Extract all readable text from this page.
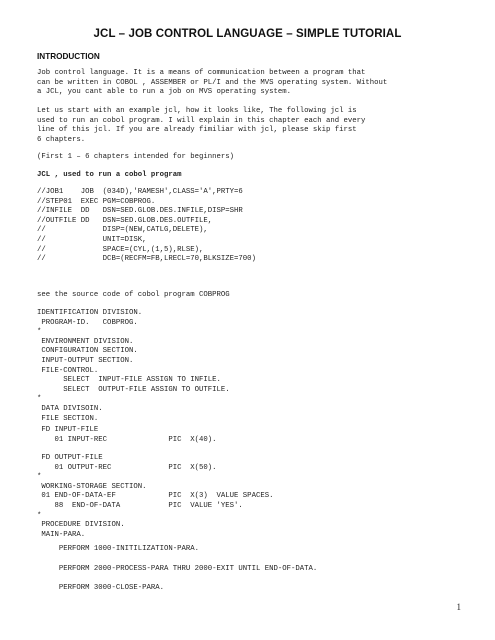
JCL – JOB CONTROL LANGUAGE – SIMPLE TUTORIAL
INTRODUCTION
Job control language. It is a means of communication between a program that
can be written in COBOL , ASSEMBER or PL/I and the MVS operating system. Without
a JCL, you cant able to run a job on MVS operating system.
Let us start with an example jcl, how it looks like, The following jcl is
used to run an cobol program. I will explain in this chapter each and every
line of this jcl. If you are already fimiliar with jcl, please skip first
6 chapters.
(First 1 – 6 chapters intended for beginners)
JCL , used to run a cobol program
//JOB1    JOB  (034D),'RAMESH',CLASS='A',PRTY=6
//STEP01  EXEC PGM=COBPROG.
//INFILE  DD   DSN=SED.GLOB.DES.INFILE,DISP=SHR
//OUTFILE DD   DSN=SED.GLOB.DES.OUTFILE,
//             DISP=(NEW,CATLG,DELETE),
//             UNIT=DISK,
//             SPACE=(CYL,(1,5),RLSE),
//             DCB=(RECFM=FB,LRECL=70,BLKSIZE=700)
see the source code of cobol program COBPROG
IDENTIFICATION DIVISION.
PROGRAM-ID.   COBPROG.
*
ENVIRONMENT DIVISION.
CONFIGURATION SECTION.
INPUT-OUTPUT SECTION.
FILE-CONTROL.
SELECT  INPUT-FILE ASSIGN TO INFILE.
SELECT  OUTPUT-FILE ASSIGN TO OUTFILE.
*
DATA DIVISOIN.
FILE SECTION.
FD INPUT-FILE
01 INPUT-REC              PIC  X(40).
FD OUTPUT-FILE
01 OUTPUT-REC             PIC  X(50).
*
WORKING-STORAGE SECTION.
01 END-OF-DATA-EF            PIC  X(3)  VALUE SPACES.
88  END-OF-DATA           PIC  VALUE 'YES'.
*
PROCEDURE DIVISION.
MAIN-PARA.
PERFORM 1000-INITILIZATION-PARA.
PERFORM 2000-PROCESS-PARA THRU 2000-EXIT UNTIL END-OF-DATA.
PERFORM 3000-CLOSE-PARA.
1
